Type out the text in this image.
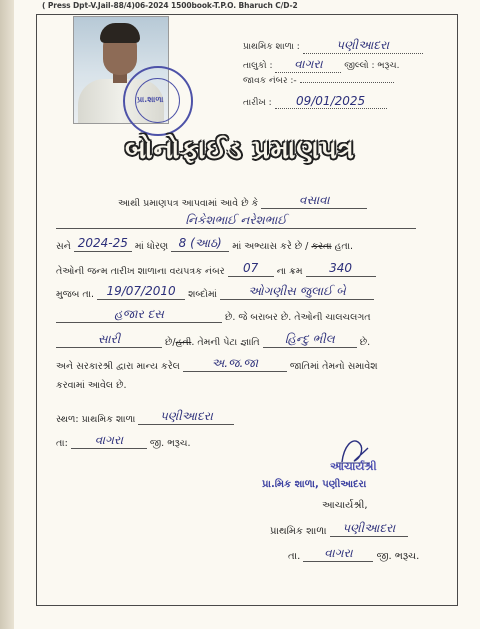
( Press Dpt-V.Jail-88/4)06-2024 1500book-T.P.O. Bharuch C/D-2
પ્રા.શાળા
પ્રાથમિક શાળા :	પણીઆદરા
તાલુકો : વાગરા જીલ્લો : ભરૂચ.
જાવક નંબર :-
તારીખ : 09/01/2025
બોનોફાઈડ પ્રમાણપત્ર
આથી પ્રમાણપત્ર આપવામાં આવે છે કે	વસાવા
નિકેશભાઈ નરેશભાઈ
સને 2024-25 માં ધોરણ 8 (આઠ) માં અભ્યાસ કરે છે / કરતા હતા.
તેઓની જન્મ તારીખ શાળાના વયપત્રક નંબર 07 ના ક્રમ 340
મુજબ તા. 19/07/2010 શબ્દોમાં	ઓગણીસ જુલાઈ બે
હજાર દસ	છે. જે બરાબર છે. તેઓની ચાલચલગત
સારી	છે/હતી. તેમની પેટા જ્ઞાતિ હિન્દુ ભીલ	છે.
અને સરકારશ્રી દ્વારા માન્ય કરેલ	અ.જ.જા	જાતિમાં તેમનો સમાવેશ
કરવામાં આવેલ છે.
સ્થળ: પ્રાથમિક શાળા પણીઆદરા
તા: વાગરા	જી. ભરૂચ.
આચાર્યશ્રી
પ્રા.મિક શાળા, પણીઆદરા
આચાર્યશ્રી,
પ્રાથમિક શાળા પણીઆદરા
તા. વાગરા જી. ભરૂચ.
